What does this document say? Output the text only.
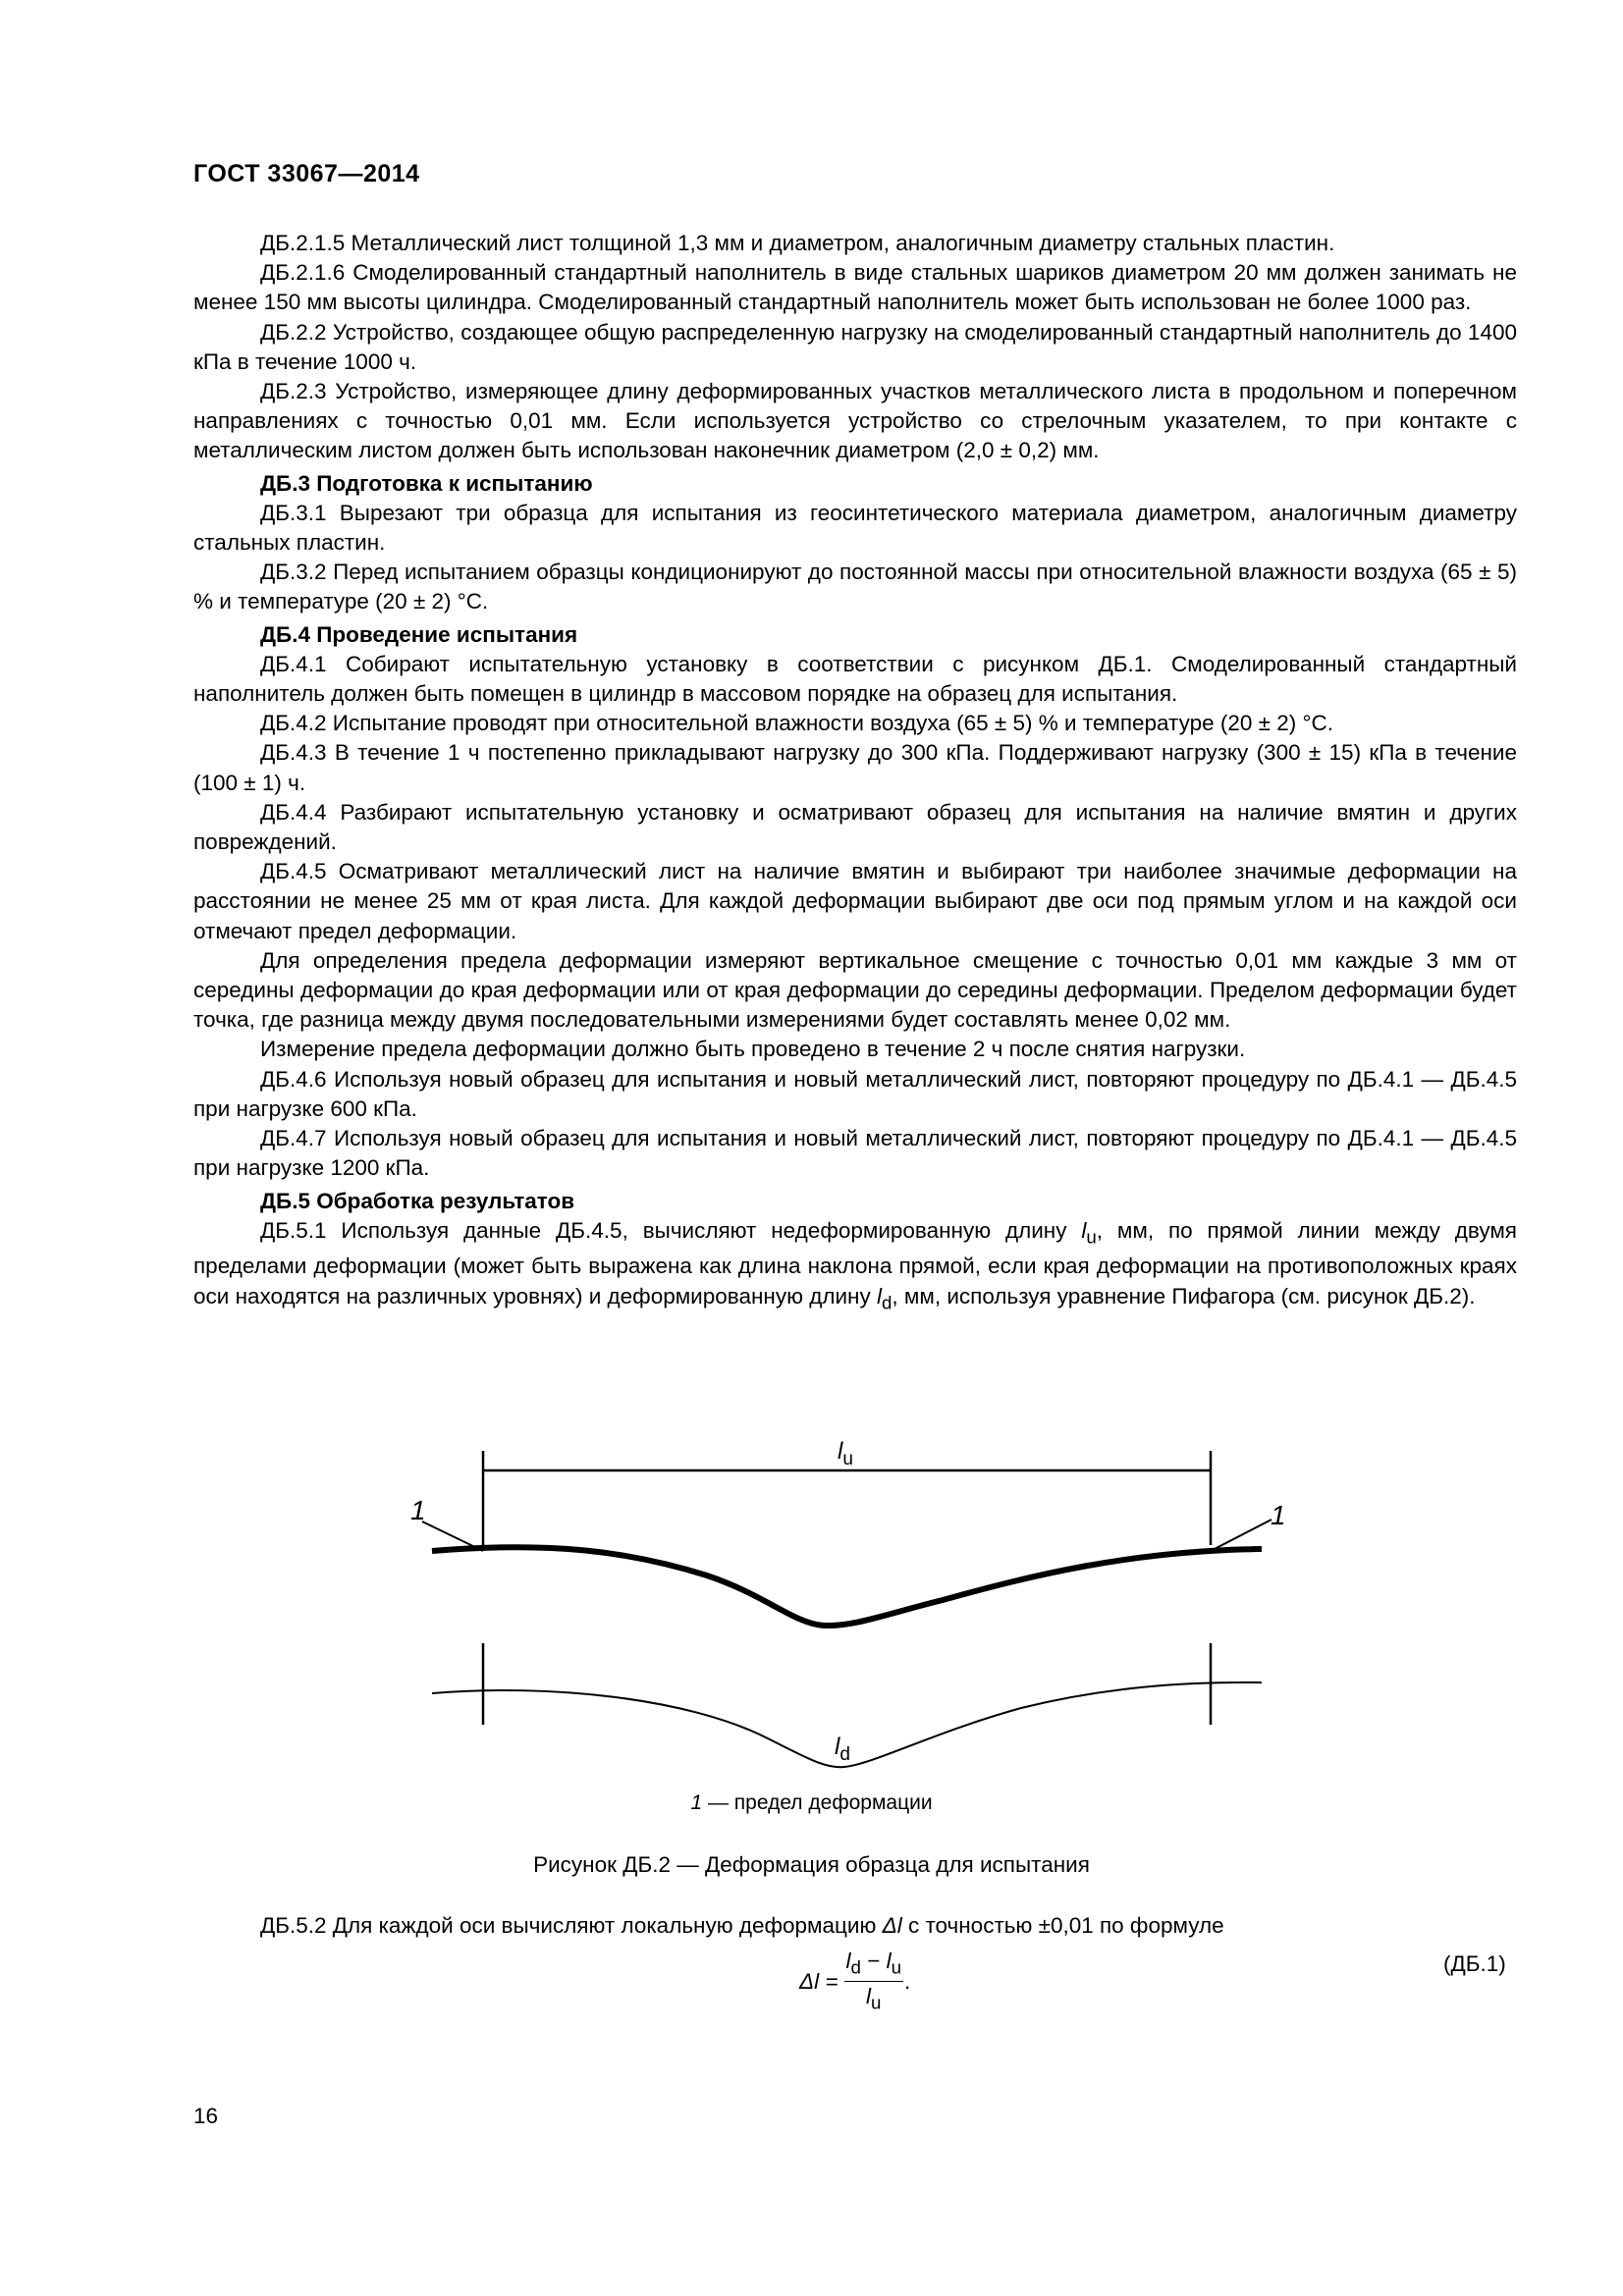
ГОСТ 33067—2014

ДБ.2.1.5 Металлический лист толщиной 1,3 мм и диаметром, аналогичным диаметру стальных пластин.

ДБ.2.1.6 Смоделированный стандартный наполнитель в виде стальных шариков диаметром 20 мм должен занимать не менее 150 мм высоты цилиндра. Смоделированный стандартный наполнитель может быть использован не более 1000 раз.

ДБ.2.2 Устройство, создающее общую распределенную нагрузку на смоделированный стандартный наполнитель до 1400 кПа в течение 1000 ч.

ДБ.2.3 Устройство, измеряющее длину деформированных участков металлического листа в продольном и поперечном направлениях с точностью 0,01 мм. Если используется устройство со стрелочным указателем, то при контакте с металлическим листом должен быть использован наконечник диаметром (2,0 ± 0,2) мм.

ДБ.3 Подготовка к испытанию

ДБ.3.1 Вырезают три образца для испытания из геосинтетического материала диаметром, аналогичным диаметру стальных пластин.

ДБ.3.2 Перед испытанием образцы кондиционируют до постоянной массы при относительной влажности воздуха (65 ± 5) % и температуре (20 ± 2) °С.

ДБ.4 Проведение испытания

ДБ.4.1 Собирают испытательную установку в соответствии с рисунком ДБ.1. Смоделированный стандартный наполнитель должен быть помещен в цилиндр в массовом порядке на образец для испытания.

ДБ.4.2 Испытание проводят при относительной влажности воздуха (65 ± 5) % и температуре (20 ± 2) °С.

ДБ.4.3 В течение 1 ч постепенно прикладывают нагрузку до 300 кПа. Поддерживают нагрузку (300 ± 15) кПа в течение (100 ± 1) ч.

ДБ.4.4 Разбирают испытательную установку и осматривают образец для испытания на наличие вмятин и других повреждений.

ДБ.4.5 Осматривают металлический лист на наличие вмятин и выбирают три наиболее значимые деформации на расстоянии не менее 25 мм от края листа. Для каждой деформации выбирают две оси под прямым углом и на каждой оси отмечают предел деформации.

Для определения предела деформации измеряют вертикальное смещение с точностью 0,01 мм каждые 3 мм от середины деформации до края деформации или от края деформации до середины деформации. Пределом деформации будет точка, где разница между двумя последовательными измерениями будет составлять менее 0,02 мм.

Измерение предела деформации должно быть проведено в течение 2 ч после снятия нагрузки.

ДБ.4.6 Используя новый образец для испытания и новый металлический лист, повторяют процедуру по ДБ.4.1 — ДБ.4.5 при нагрузке 600 кПа.

ДБ.4.7 Используя новый образец для испытания и новый металлический лист, повторяют процедуру по ДБ.4.1 — ДБ.4.5 при нагрузке 1200 кПа.

ДБ.5 Обработка результатов

ДБ.5.1 Используя данные ДБ.4.5, вычисляют недеформированную длину $l_u$, мм, по прямой линии между двумя пределами деформации (может быть выражена как длина наклона прямой, если края деформации на противоположных краях оси находятся на различных уровнях) и деформированную длину $l_d$, мм, используя уравнение Пифагора (см. рисунок ДБ.2).

$l_u$
$l_d$
1	1
1 — предел деформации
Рисунок ДБ.2 — Деформация образца для испытания
ДБ.5.2 Для каждой оси вычисляют локальную деформацию Δl с точностью ±0,01 по формуле
Δl =	$l_d - l_u$	.
$l_u$
(ДБ.1)
16
